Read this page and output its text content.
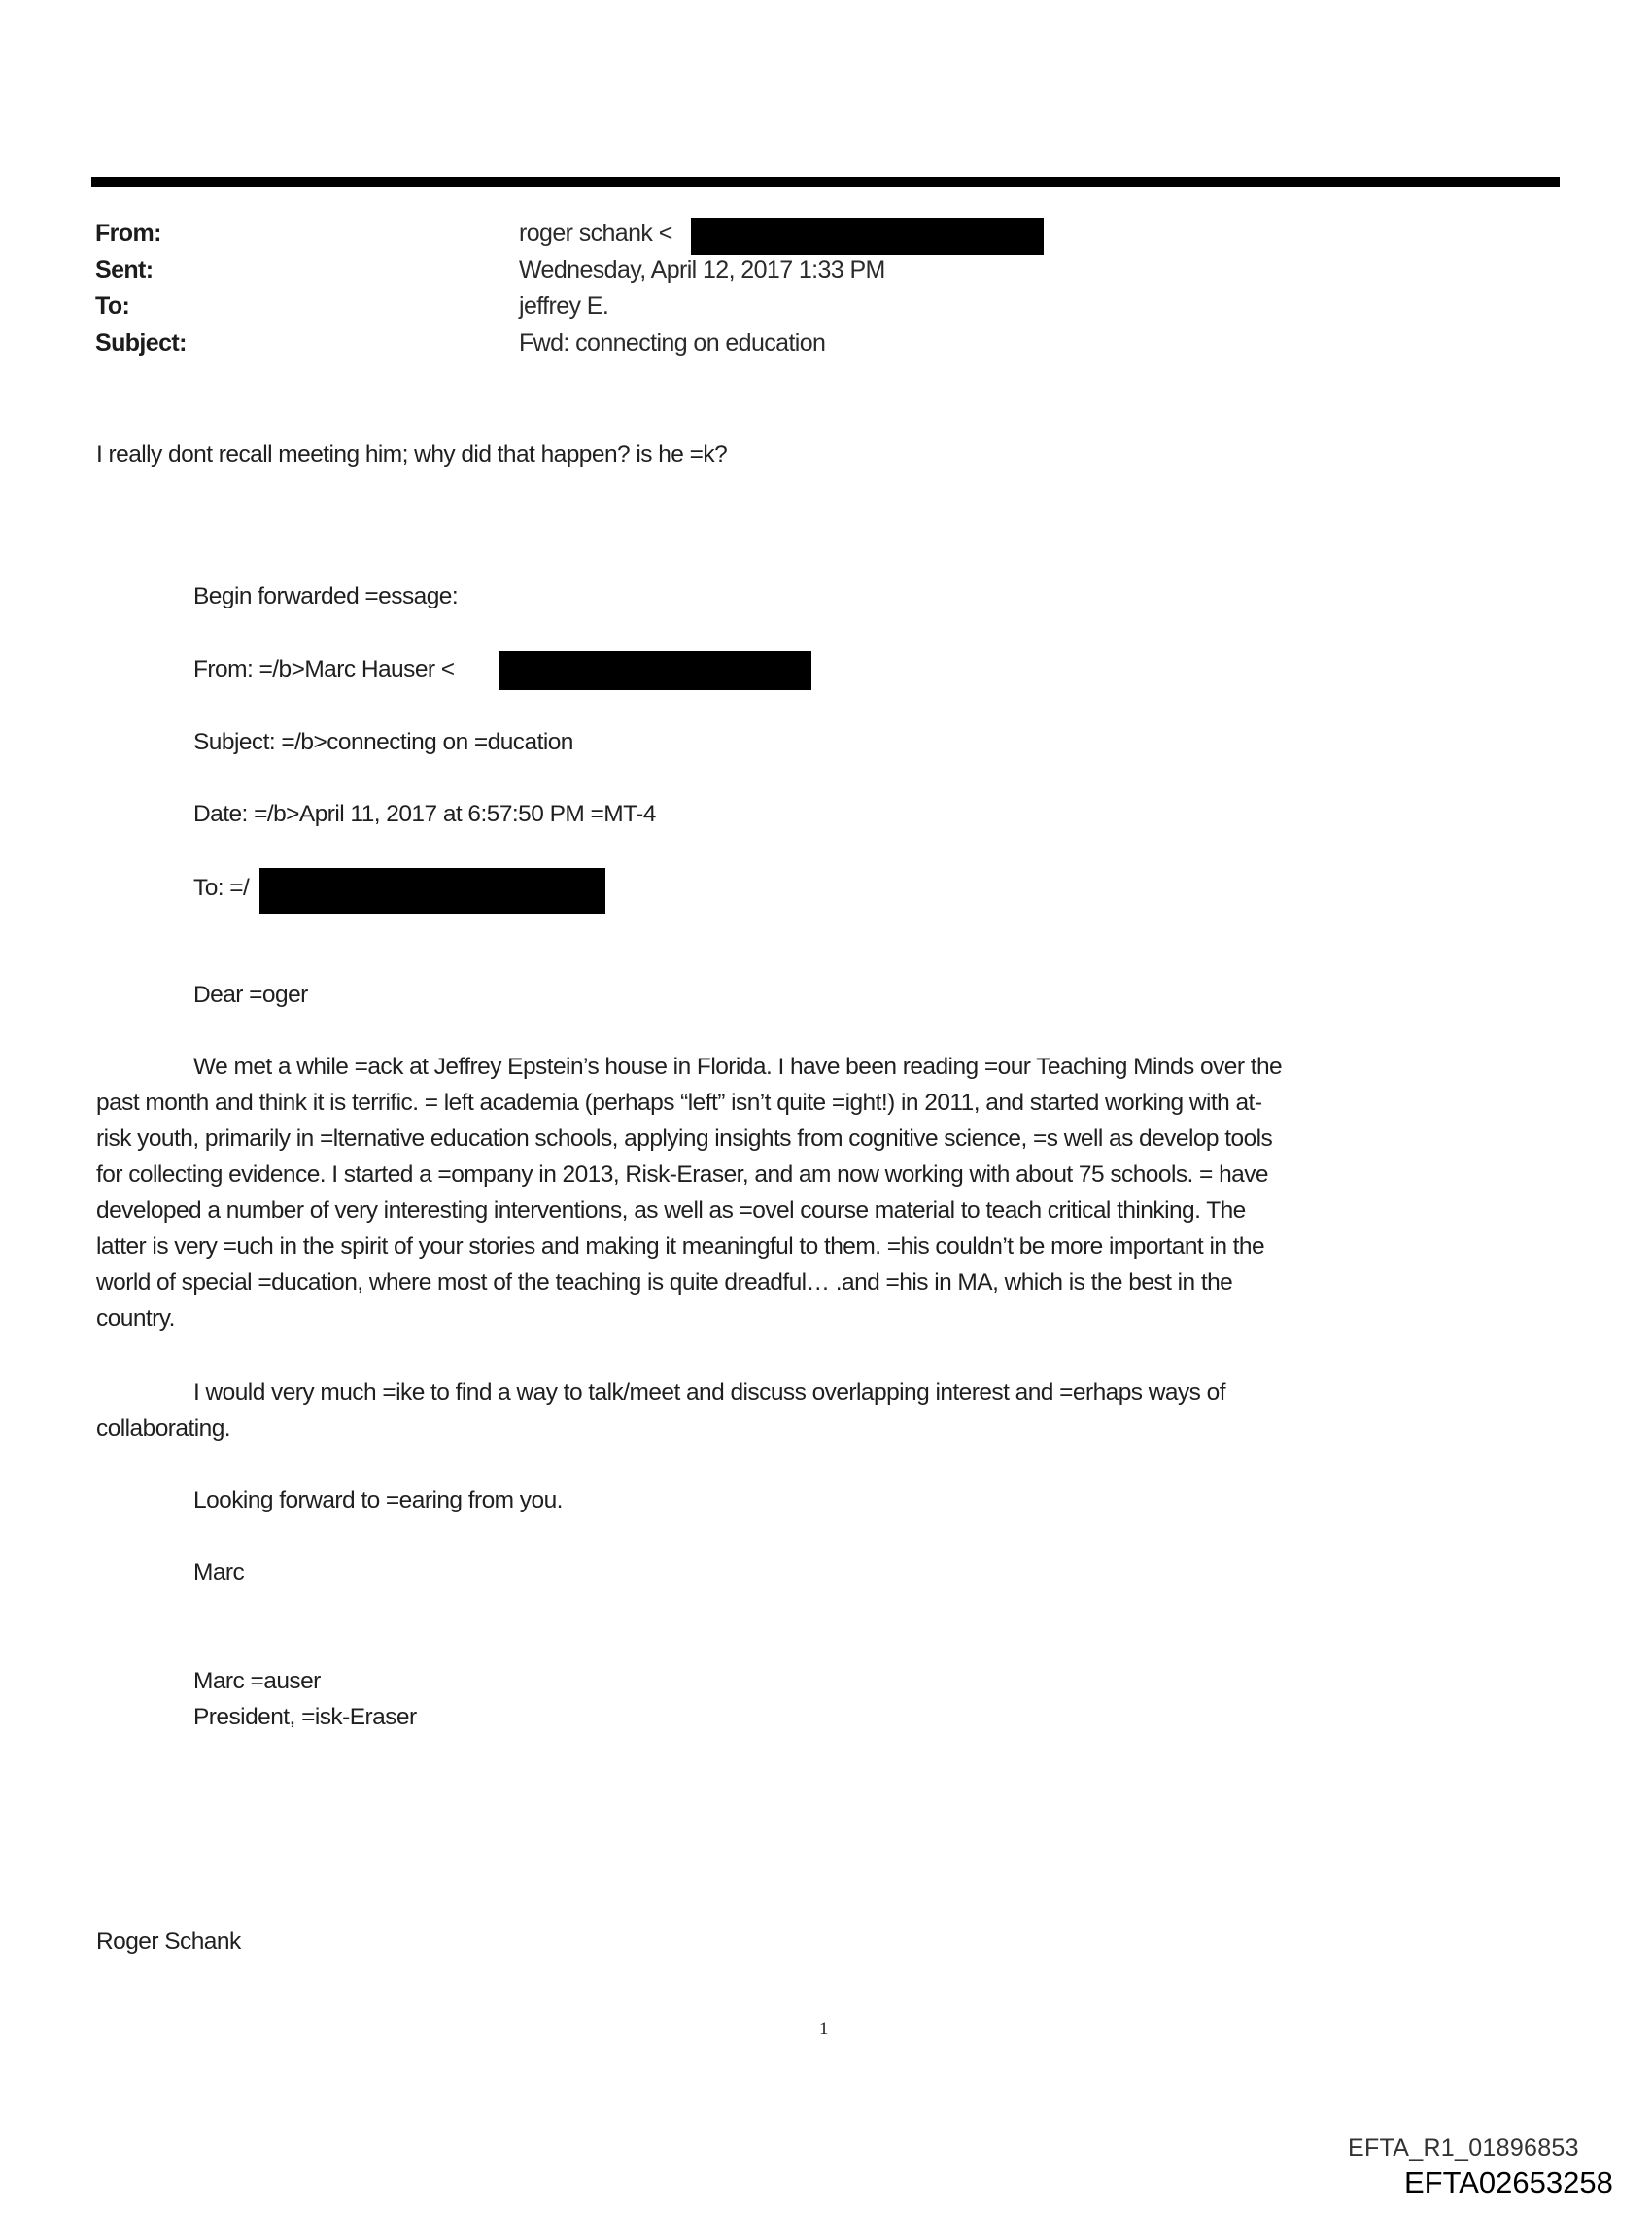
From:	roger schank <
Sent:	Wednesday, April 12, 2017 1:33 PM
To:	jeffrey E.
Subject:	Fwd: connecting on education
I really dont recall meeting him; why did that happen? is he =k?
Begin forwarded =essage:
From: =/b>Marc Hauser <
Subject: =/b>connecting on =ducation
Date: =/b>April 11, 2017 at 6:57:50 PM =MT-4
To: =/
Dear =oger
We met a while =ack at Jeffrey Epstein’s house in Florida. I have been reading =our Teaching Minds over the
past month and think it is terrific. = left academia (perhaps “left” isn’t quite =ight!) in 2011, and started working with at-
risk youth, primarily in =lternative education schools, applying insights from cognitive science, =s well as develop tools
for collecting evidence. I started a =ompany in 2013, Risk-Eraser, and am now working with about 75 schools. = have
developed a number of very interesting interventions, as well as =ovel course material to teach critical thinking. The
latter is very =uch in the spirit of your stories and making it meaningful to them. =his couldn’t be more important in the
world of special =ducation, where most of the teaching is quite dreadful… .and =his in MA, which is the best in the
country.
I would very much =ike to find a way to talk/meet and discuss overlapping interest and =erhaps ways of
collaborating.
Looking forward to =earing from you.
Marc
Marc =auser
President, =isk-Eraser
Roger Schank
1
EFTA_R1_01896853
EFTA02653258
